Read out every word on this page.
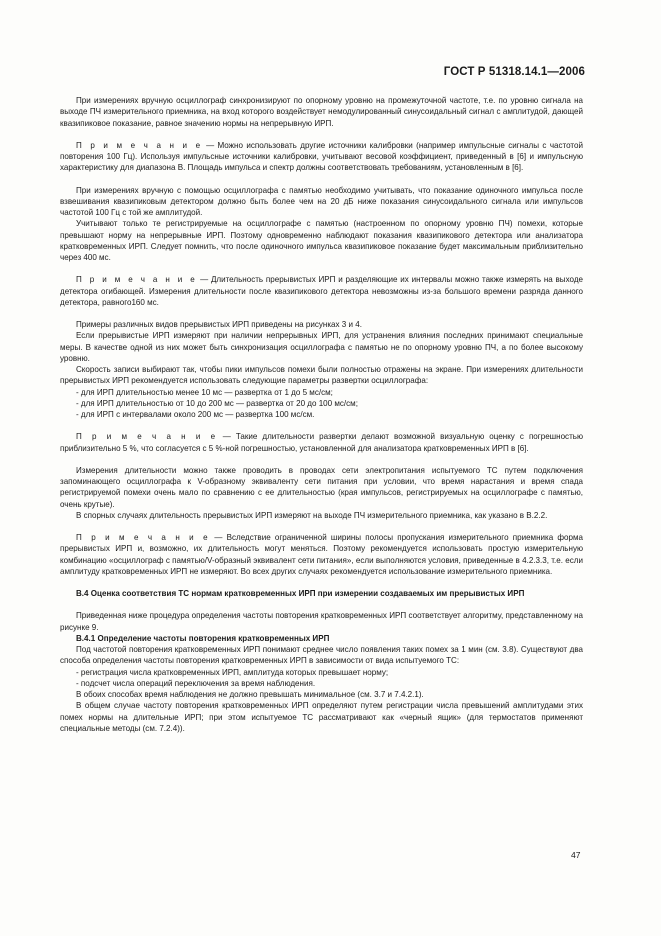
ГОСТ Р 51318.14.1—2006

При измерениях вручную осциллограф синхронизируют по опорному уровню на промежуточной частоте, т.е. по уровню сигнала на выходе ПЧ измерительного приемника, на вход которого воздействует немодулированный синусоидальный сигнал с амплитудой, дающей квазипиковое показание, равное значению нормы на непрерывную ИРП.

П р и м е ч а н и е — Можно использовать другие источники калибровки (например импульсные сигналы с частотой повторения 100 Гц). Используя импульсные источники калибровки, учитывают весовой коэффициент, приведенный в [6] и импульсную характеристику для диапазона В. Площадь импульса и спектр должны соответствовать требованиям, установленным в [6].

При измерениях вручную с помощью осциллографа с памятью необходимо учитывать, что показание одиночного импульса после взвешивания квазипиковым детектором должно быть более чем на 20 дБ ниже показания синусоидального сигнала или импульсов частотой 100 Гц с той же амплитудой.

Учитывают только те регистрируемые на осциллографе с памятью (настроенном по опорному уровню ПЧ) помехи, которые превышают норму на непрерывные ИРП. Поэтому одновременно наблюдают показания квазипикового детектора или анализатора кратковременных ИРП. Следует помнить, что после одиночного импульса квазипиковое показание будет максимальным приблизительно через 400 мс.

П р и м е ч а н и е — Длительность прерывистых ИРП и разделяющие их интервалы можно также измерять на выходе детектора огибающей. Измерения длительности после квазипикового детектора невозможны из-за большого времени разряда данного детектора, равного160 мс.

Примеры различных видов прерывистых ИРП приведены на рисунках 3 и 4.

Если прерывистые ИРП измеряют при наличии непрерывных ИРП, для устранения влияния последних принимают специальные меры. В качестве одной из них может быть синхронизация осциллографа с памятью не по опорному уровню ПЧ, а по более высокому уровню.

Скорость записи выбирают так, чтобы пики импульсов помехи были полностью отражены на экране. При измерениях длительности прерывистых ИРП рекомендуется использовать следующие параметры развертки осциллографа:

- для ИРП длительностью менее 10 мс — развертка от 1 до 5 мс/см;

- для ИРП длительностью от 10 до 200 мс — развертка от 20 до 100 мс/см;

- для ИРП с интервалами около 200 мс — развертка 100 мс/см.

П р и м е ч а н и е — Такие длительности развертки делают возможной визуальную оценку с погрешностью приблизительно 5 %, что согласуется с 5 %-ной погрешностью, установленной для анализатора кратковременных ИРП в [6].

Измерения длительности можно также проводить в проводах сети электропитания испытуемого ТС путем подключения запоминающего осциллографа к V-образному эквиваленту сети питания при условии, что время нарастания и время спада регистрируемой помехи очень мало по сравнению с ее длительностью (края импульсов, регистрируемых на осциллографе с памятью, очень крутые).

В спорных случаях длительность прерывистых ИРП измеряют на выходе ПЧ измерительного приемника, как указано в В.2.2.

П р и м е ч а н и е — Вследствие ограниченной ширины полосы пропускания измерительного приемника форма прерывистых ИРП и, возможно, их длительность могут меняться. Поэтому рекомендуется использовать простую измерительную комбинацию «осциллограф с памятью/V-образный эквивалент сети питания», если выполняются условия, приведенные в 4.2.3.3, т.е. если амплитуду кратковременных ИРП не измеряют. Во всех других случаях рекомендуется использование измерительного приемника.

В.4 Оценка соответствия ТС нормам кратковременных ИРП при измерении создаваемых им прерывистых ИРП

Приведенная ниже процедура определения частоты повторения кратковременных ИРП соответствует алгоритму, представленному на рисунке 9.

В.4.1 Определение частоты повторения кратковременных ИРП

Под частотой повторения кратковременных ИРП понимают среднее число появления таких помех за 1 мин (см. 3.8). Существуют два способа определения частоты повторения кратковременных ИРП в зависимости от вида испытуемого ТС:

- регистрация числа кратковременных ИРП, амплитуда которых превышает норму;

- подсчет числа операций переключения за время наблюдения.

В обоих способах время наблюдения не должно превышать минимальное (см. 3.7 и 7.4.2.1).

В общем случае частоту повторения кратковременных ИРП определяют путем регистрации числа превышений амплитудами этих помех нормы на длительные ИРП; при этом испытуемое ТС рассматривают как «черный ящик» (для термостатов применяют специальные методы (см. 7.2.4)).

47
